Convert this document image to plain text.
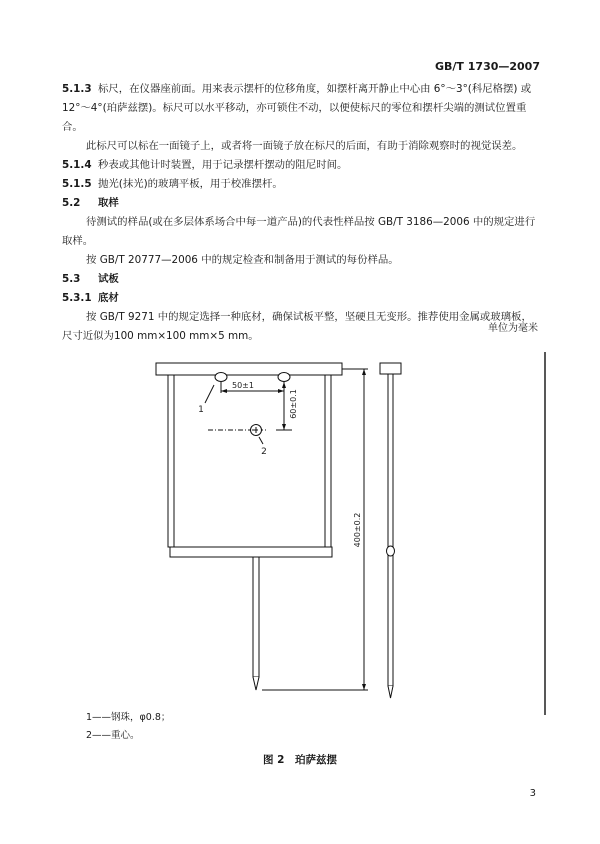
GB/T 1730—2007

5.1.3 标尺，在仪器座前面。用来表示摆杆的位移角度，如摆杆离开静止中心由 6°～3°(科尼格摆) 或12°～4°(珀萨兹摆)。标尺可以水平移动，亦可锁住不动，以便使标尺的零位和摆杆尖端的测试位置重合。

此标尺可以标在一面镜子上，或者将一面镜子放在标尺的后面，有助于消除观察时的视觉误差。

5.1.4 秒表或其他计时装置，用于记录摆杆摆动的阻尼时间。

5.1.5 抛光(抹光)的玻璃平板，用于校准摆杆。

5.2 取样

待测试的样品(或在多层体系场合中每一道产品)的代表性样品按 GB/T 3186—2006 中的规定进行取样。

按 GB/T 20777—2006 中的规定检查和制备用于测试的每份样品。

5.3 试板

5.3.1 底材

按 GB/T 9271 中的规定选择一种底材，确保试板平整，坚硬且无变形。推荐使用金属或玻璃板，尺寸近似为100 mm×100 mm×5 mm。

单位为毫米
50±1
60±0.1
400±0.2
1
2

1——钢珠，φ0.8；

2——重心。

图 2　珀萨兹摆
3
